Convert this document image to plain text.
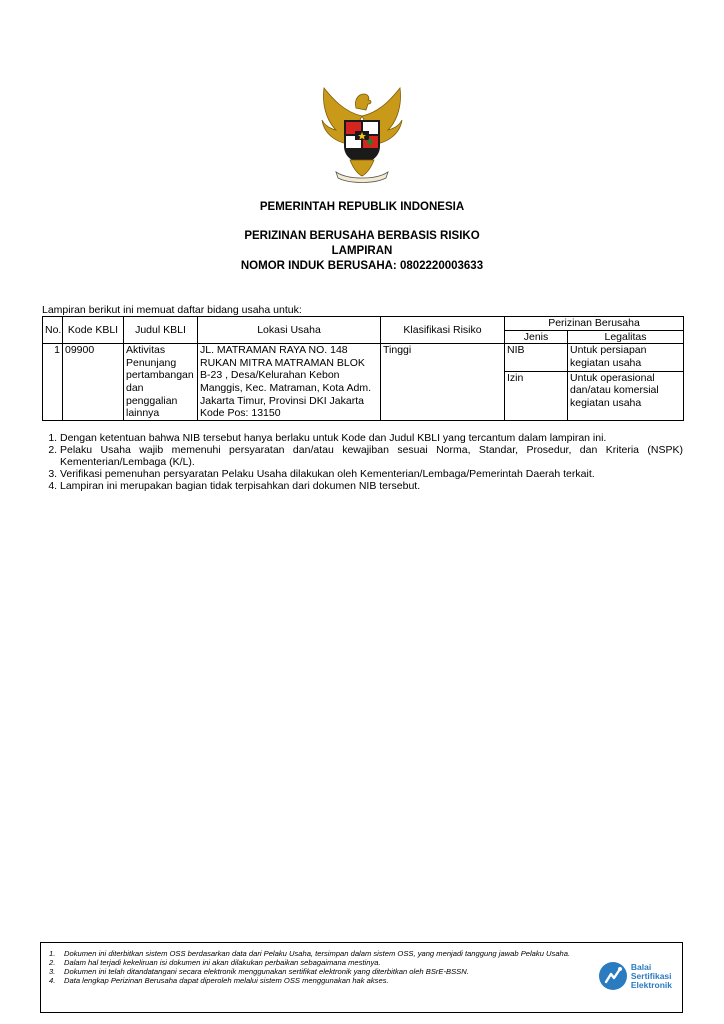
PEMERINTAH REPUBLIK INDONESIA
PERIZINAN BERUSAHA BERBASIS RISIKO
LAMPIRAN
NOMOR INDUK BERUSAHA: 0802220003633
Lampiran berikut ini memuat daftar bidang usaha untuk:
No.	Kode KBLI	Judul KBLI	Lokasi Usaha	Klasifikasi Risiko	Perizinan Berusaha	
					Jenis	Legalitas
1	09900	Aktivitas Penunjang pertambangan dan penggalian lainnya	JL. MATRAMAN RAYA NO. 148 RUKAN MITRA MATRAMAN BLOK B-23 , Desa/Kelurahan Kebon Manggis, Kec. Matraman, Kota Adm. Jakarta Timur, Provinsi DKI Jakarta Kode Pos: 13150	Tinggi	NIB	Untuk persiapan kegiatan usaha
					Izin	Untuk operasional dan/atau komersial kegiatan usaha
1. Dengan ketentuan bahwa NIB tersebut hanya berlaku untuk Kode dan Judul KBLI yang tercantum dalam lampiran ini.
2. Pelaku Usaha wajib memenuhi persyaratan dan/atau kewajiban sesuai Norma, Standar, Prosedur, dan Kriteria (NSPK) Kementerian/Lembaga (K/L).
3. Verifikasi pemenuhan persyaratan Pelaku Usaha dilakukan oleh Kementerian/Lembaga/Pemerintah Daerah terkait.
4. Lampiran ini merupakan bagian tidak terpisahkan dari dokumen NIB tersebut.
1. Dokumen ini diterbitkan sistem OSS berdasarkan data dari Pelaku Usaha, tersimpan dalam sistem OSS, yang menjadi tanggung jawab Pelaku Usaha.
2. Dalam hal terjadi kekeliruan isi dokumen ini akan dilakukan perbaikan sebagaimana mestinya.
3. Dokumen ini telah ditandatangani secara elektronik menggunakan sertifikat elektronik yang diterbitkan oleh BSrE-BSSN.
4. Data lengkap Perizinan Berusaha dapat diperoleh melalui sistem OSS menggunakan hak akses.
Balai
Sertifikasi
Elektronik
